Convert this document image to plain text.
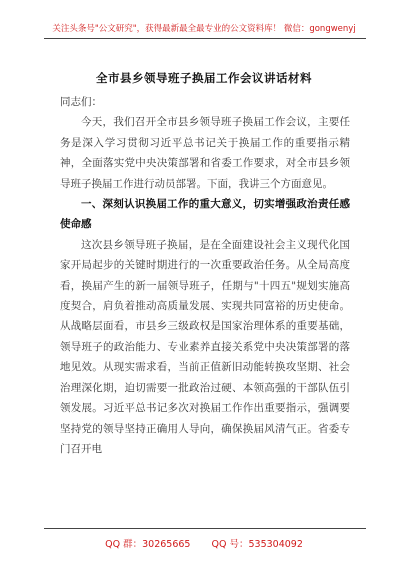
关注头条号"公文研究"，获得最新最全最专业的公文资料库！ 微信：gongwenyj
全市县乡领导班子换届工作会议讲话材料

同志们：

今天，我们召开全市县乡领导班子换届工作会议，主要任务是深入学习贯彻习近平总书记关于换届工作的重要指示精神，全面落实党中央决策部署和省委工作要求，对全市县乡领导班子换届工作进行动员部署。下面，我讲三个方面意见。

一、深刻认识换届工作的重大意义，切实增强政治责任感使命感

这次县乡领导班子换届，是在全面建设社会主义现代化国家开局起步的关键时期进行的一次重要政治任务。从全局高度看，换届产生的新一届领导班子，任期与"十四五"规划实施高度契合，肩负着推动高质量发展、实现共同富裕的历史使命。从战略层面看，市县乡三级政权是国家治理体系的重要基础，领导班子的政治能力、专业素养直接关系党中央决策部署的落地见效。从现实需求看，当前正值新旧动能转换攻坚期、社会治理深化期，迫切需要一批政治过硬、本领高强的干部队伍引领发展。习近平总书记多次对换届工作作出重要指示，强调要坚持党的领导坚持正确用人导向，确保换届风清气正。省委专门召开电

QQ 群：30265665 QQ 号：535304092
